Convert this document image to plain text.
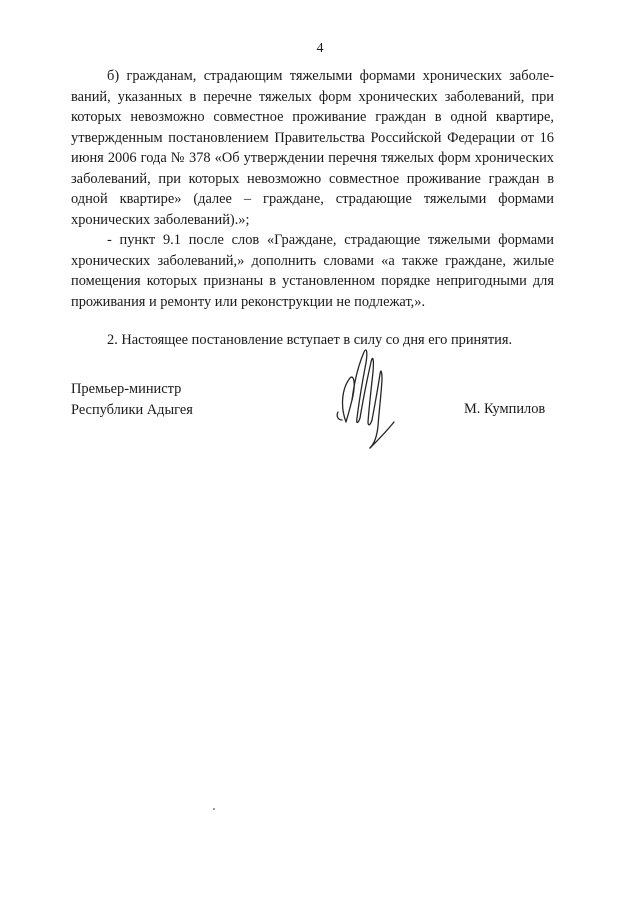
4

б) гражданам, страдающим тяжелыми формами хронических заболе-ваний, указанных в перечне тяжелых форм хронических заболеваний, при которых невозможно совместное проживание граждан в одной квартире, утвержденным постановлением Правительства Российской Федерации от 16 июня 2006 года № 378 «Об утверждении перечня тяжелых форм хронических заболеваний, при которых невозможно совместное проживание граждан в одной квартире» (далее – граждане, страдающие тяжелыми формами хронических заболеваний).»;

- пункт 9.1 после слов «Граждане, страдающие тяжелыми формами хронических заболеваний,» дополнить словами «а также граждане, жилые помещения которых признаны в установленном порядке непригодными для проживания и ремонту или реконструкции не подлежат,».

2. Настоящее постановление вступает в силу со дня его принятия.

Премьер-министр
Республики Адыгея	М. Кумпилов
